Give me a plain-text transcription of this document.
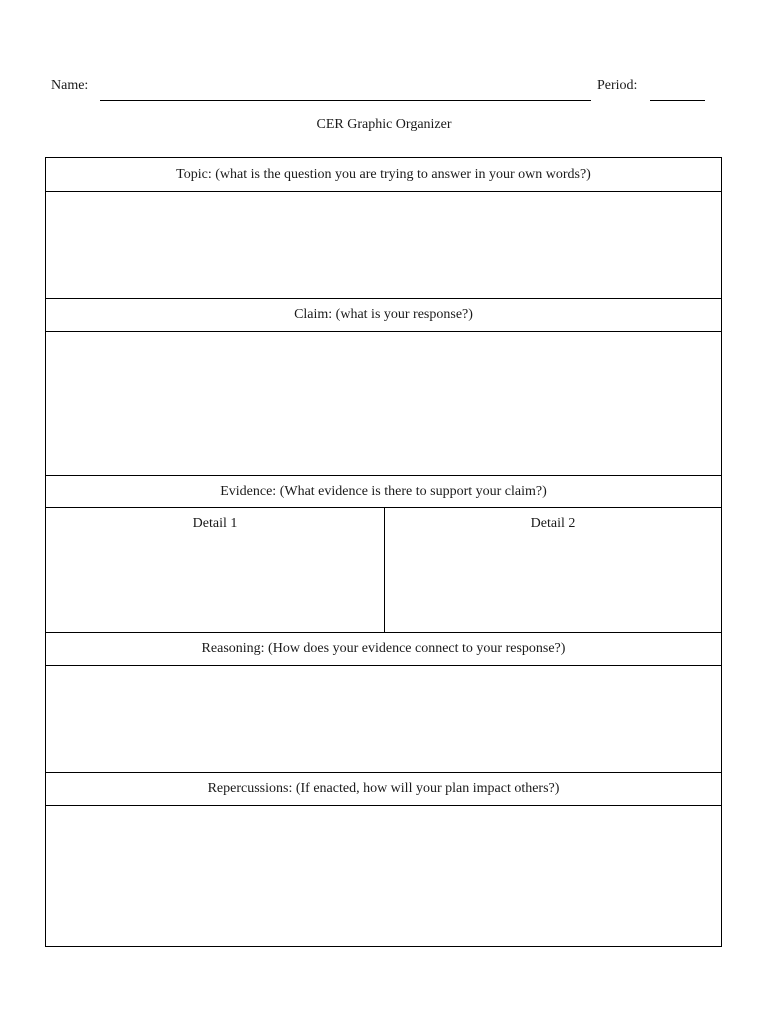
Name:	Period:
CER Graphic Organizer
Topic: (what is the question you are trying to answer in your own words?)
Claim: (what is your response?)
Evidence: (What evidence is there to support your claim?)
Detail 1	Detail 2
Reasoning: (How does your evidence connect to your response?)
Repercussions: (If enacted, how will your plan impact others?)
